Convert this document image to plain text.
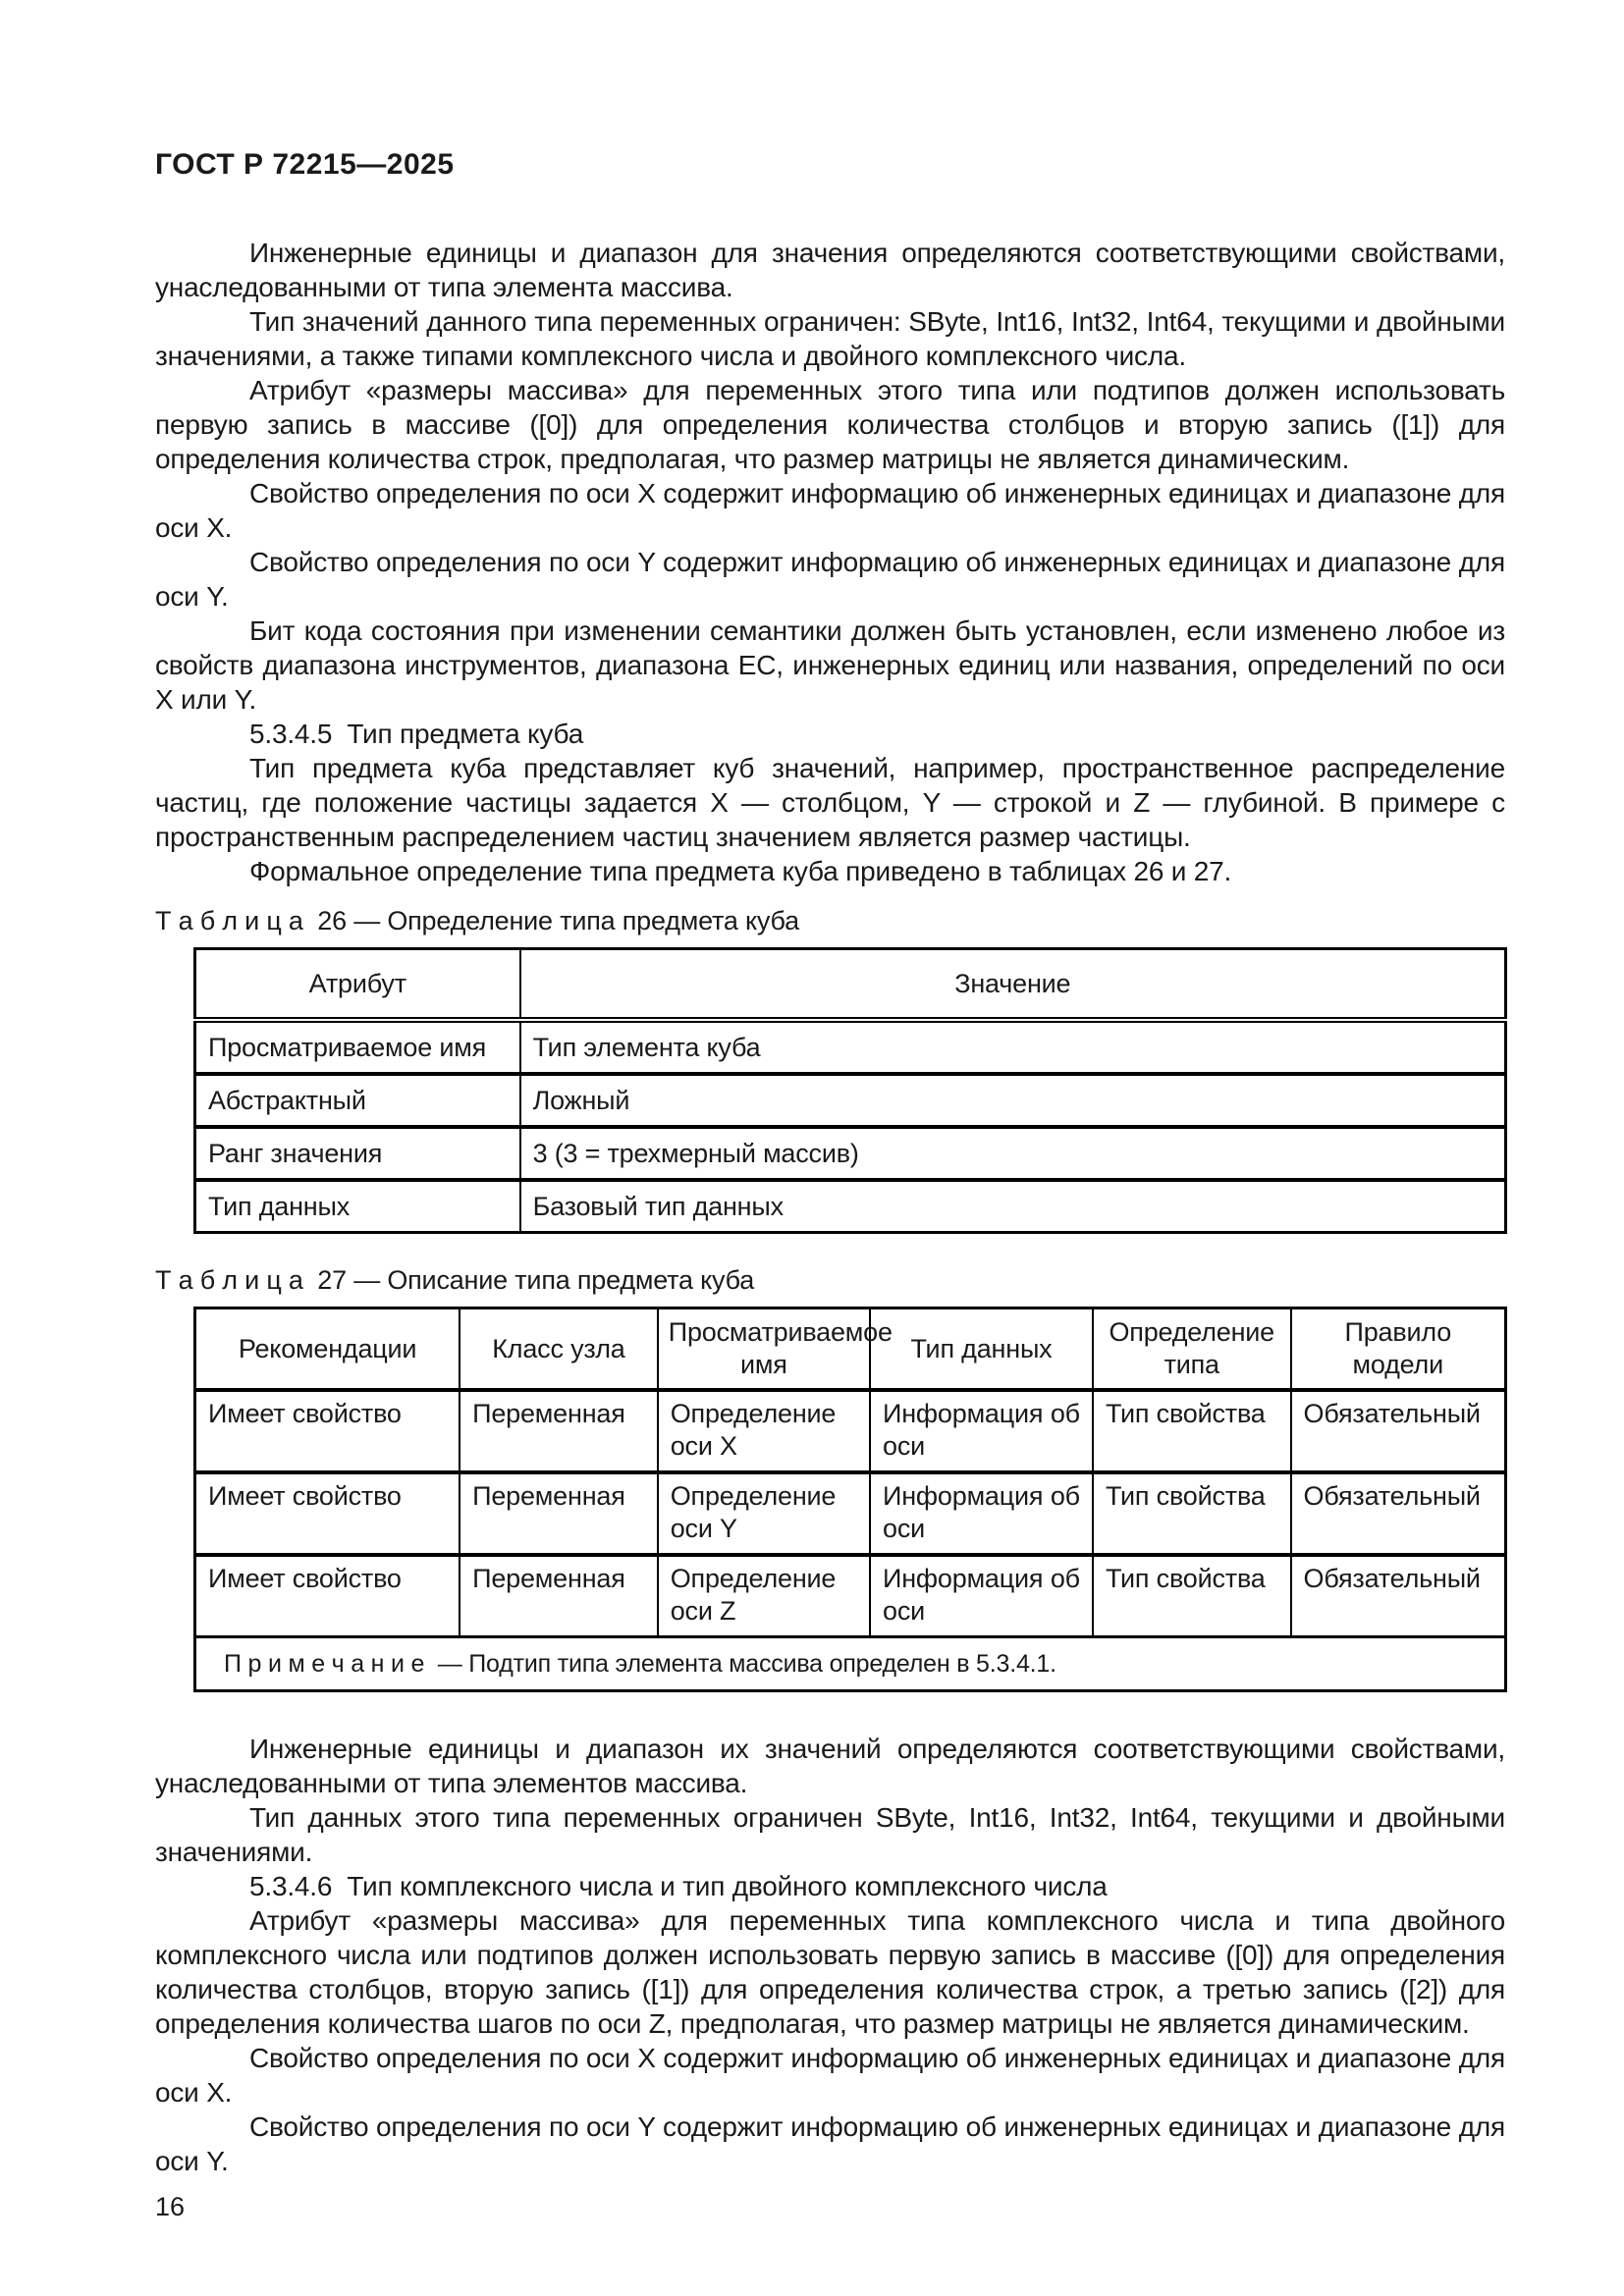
ГОСТ Р 72215—2025

Инженерные единицы и диапазон для значения определяются соответствующими свойствами, унаследованными от типа элемента массива.

Тип значений данного типа переменных ограничен: SByte, Int16, Int32, Int64, текущими и двойными значениями, а также типами комплексного числа и двойного комплексного числа.

Атрибут «размеры массива» для переменных этого типа или подтипов должен использовать первую запись в массиве ([0]) для определения количества столбцов и вторую запись ([1]) для определения количества строк, предполагая, что размер матрицы не является динамическим.

Свойство определения по оси X содержит информацию об инженерных единицах и диапазоне для оси X.

Свойство определения по оси Y содержит информацию об инженерных единицах и диапазоне для оси Y.

Бит кода состояния при изменении семантики должен быть установлен, если изменено любое из свойств диапазона инструментов, диапазона ЕС, инженерных единиц или названия, определений по оси X или Y.

5.3.4.5  Тип предмета куба

Тип предмета куба представляет куб значений, например, пространственное распределение частиц, где положение частицы задается X — столбцом, Y — строкой и Z — глубиной. В примере с пространственным распределением частиц значением является размер частицы.

Формальное определение типа предмета куба приведено в таблицах 26 и 27.

Т а б л и ц а  26 — Определение типа предмета куба
Атрибут	Значение
Просматриваемое имя	Тип элемента куба
Абстрактный	Ложный
Ранг значения	3 (3 = трехмерный массив)
Тип данных	Базовый тип данных
Т а б л и ц а  27 — Описание типа предмета куба
Рекомендации	Класс узла	Просматриваемое имя	Тип данных	Определение типа	Правило модели
Имеет свойство	Переменная	Определение оси X	Информация об оси	Тип свойства	Обязательный
Имеет свойство	Переменная	Определение оси Y	Информация об оси	Тип свойства	Обязательный
Имеет свойство	Переменная	Определение оси Z	Информация об оси	Тип свойства	Обязательный
П р и м е ч а н и е  — Подтип типа элемента массива определен в 5.3.4.1.					

Инженерные единицы и диапазон их значений определяются соответствующими свойствами, унаследованными от типа элементов массива.

Тип данных этого типа переменных ограничен SByte, Int16, Int32, Int64, текущими и двойными значениями.

5.3.4.6  Тип комплексного числа и тип двойного комплексного числа

Атрибут «размеры массива» для переменных типа комплексного числа и типа двойного комплексного числа или подтипов должен использовать первую запись в массиве ([0]) для определения количества столбцов, вторую запись ([1]) для определения количества строк, а третью запись ([2]) для определения количества шагов по оси Z, предполагая, что размер матрицы не является динамическим.

Свойство определения по оси X содержит информацию об инженерных единицах и диапазоне для оси X.

Свойство определения по оси Y содержит информацию об инженерных единицах и диапазоне для оси Y.

16
